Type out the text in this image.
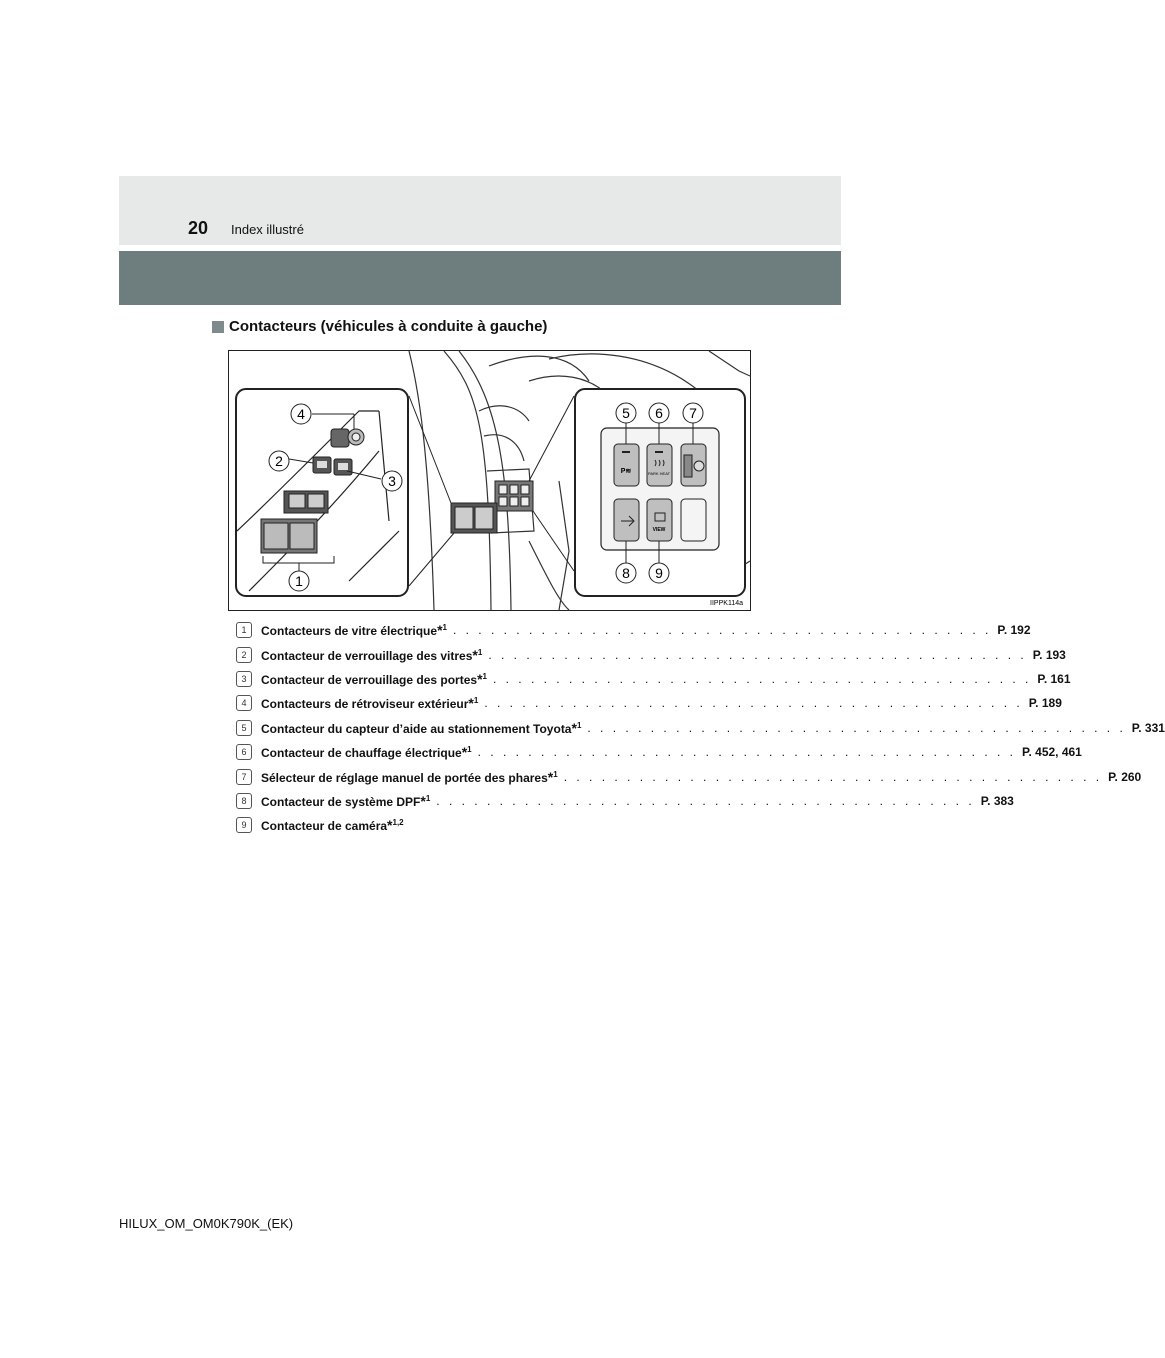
20 Index illustré
Contacteurs (véhicules à conduite à gauche)
P≋	PARK HEAT
VIEW
4
2
3
1
5 6 7
8 9
IIPPK114a
1	Contacteurs de vitre électrique*$^1$ . . . . . . . . . . . . . . . . . . . . . . . . . . . . . . . . . . . . . . . . . . . P. 192
2	Contacteur de verrouillage des vitres*$^1$ . . . . . . . . . . . . . . . . . . . . . . . . . . . . . . . . . . . . . . . . . . . P. 193
3	Contacteur de verrouillage des portes*$^1$ . . . . . . . . . . . . . . . . . . . . . . . . . . . . . . . . . . . . . . . . . . . P. 161
4	Contacteurs de rétroviseur extérieur*$^1$ . . . . . . . . . . . . . . . . . . . . . . . . . . . . . . . . . . . . . . . . . . . P. 189
5	Contacteur du capteur d’aide au stationnement Toyota*$^1$ . . . . . . . . . . . . . . . . . . . . . . . . . . . . . . . . . . . . . . . . . . . P. 331
6	Contacteur de chauffage électrique*$^1$ . . . . . . . . . . . . . . . . . . . . . . . . . . . . . . . . . . . . . . . . . . . P. 452, 461
7	Sélecteur de réglage manuel de portée des phares*$^1$ . . . . . . . . . . . . . . . . . . . . . . . . . . . . . . . . . . . . . . . . . . . P. 260
8	Contacteur de système DPF*$^1$ . . . . . . . . . . . . . . . . . . . . . . . . . . . . . . . . . . . . . . . . . . . P. 383
9	Contacteur de caméra*$^{1,2}$
HILUX_OM_OM0K790K_(EK)
